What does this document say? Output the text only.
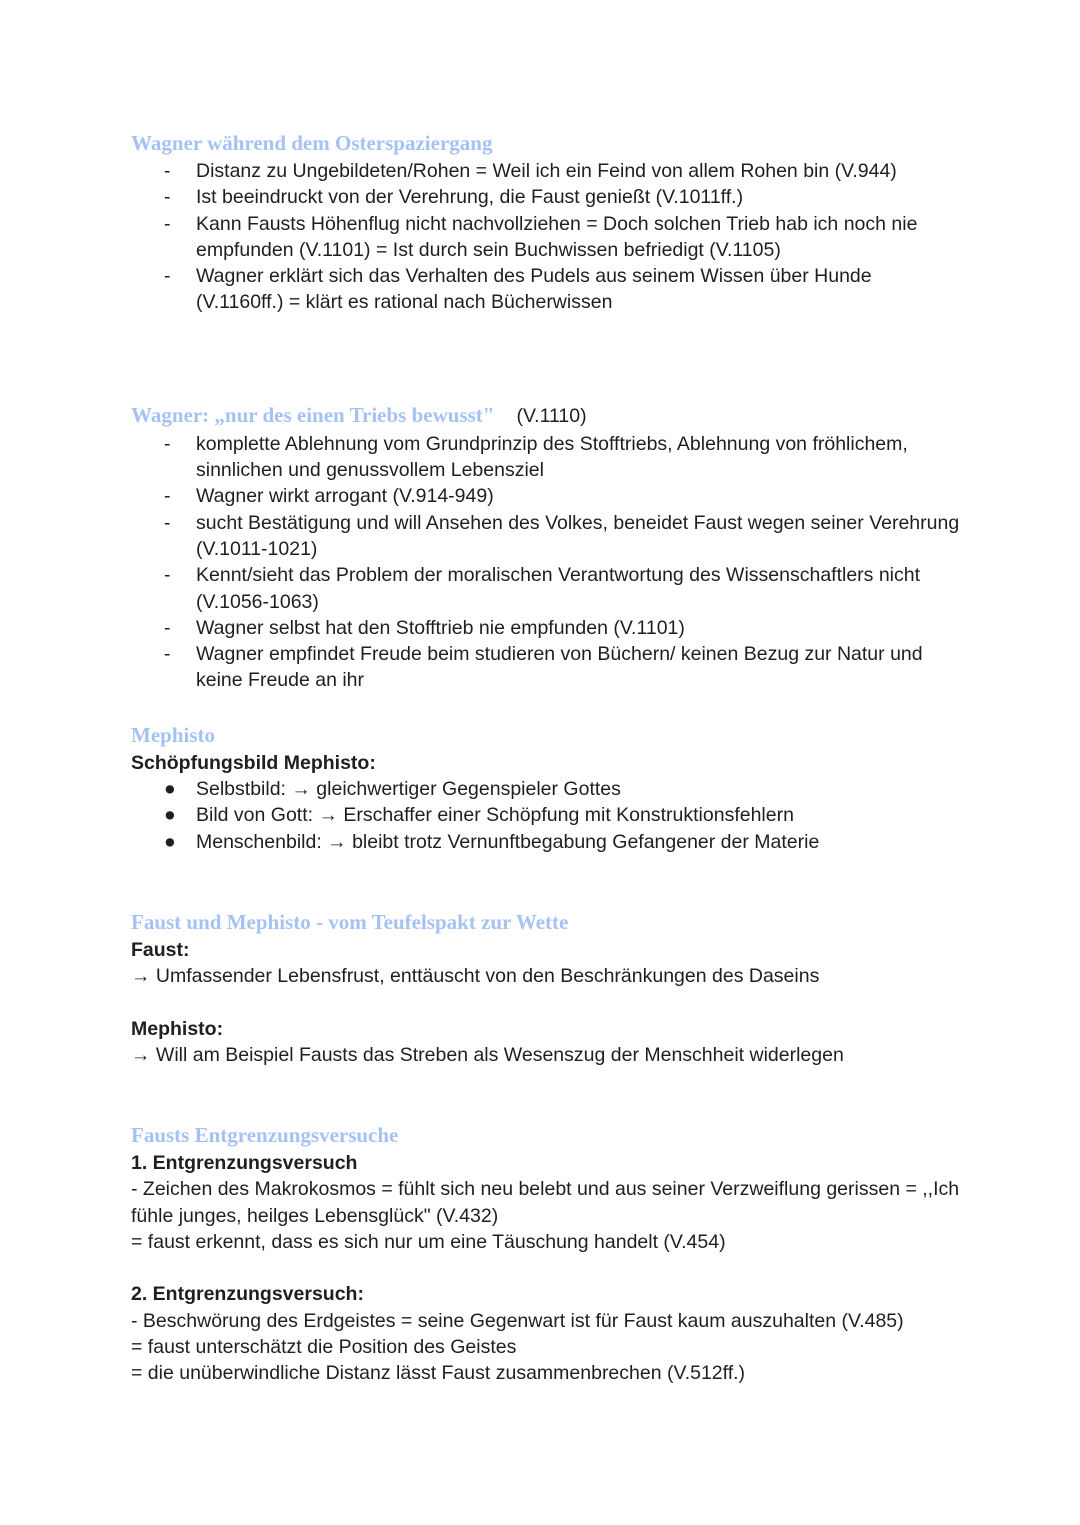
Wagner während dem Osterspaziergang
- Distanz zu Ungebildeten/Rohen = Weil ich ein Feind von allem Rohen bin (V.944)
- Ist beeindruckt von der Verehrung, die Faust genießt (V.1011ff.)
- Kann Fausts Höhenflug nicht nachvollziehen = Doch solchen Trieb hab ich noch nie empfunden (V.1101) = Ist durch sein Buchwissen befriedigt (V.1105)
- Wagner erklärt sich das Verhalten des Pudels aus seinem Wissen über Hunde (V.1160ff.) = klärt es rational nach Bücherwissen
Wagner: „nur des einen Triebs bewusst" (V.1110)
- komplette Ablehnung vom Grundprinzip des Stofftriebs, Ablehnung von fröhlichem, sinnlichen und genussvollem Lebensziel
- Wagner wirkt arrogant (V.914-949)
- sucht Bestätigung und will Ansehen des Volkes, beneidet Faust wegen seiner Verehrung (V.1011-1021)
- Kennt/sieht das Problem der moralischen Verantwortung des Wissenschaftlers nicht (V.1056-1063)
- Wagner selbst hat den Stofftrieb nie empfunden (V.1101)
- Wagner empfindet Freude beim studieren von Büchern/ keinen Bezug zur Natur und keine Freude an ihr
Mephisto

Schöpfungsbild Mephisto:

● Selbstbild: → gleichwertiger Gegenspieler Gottes
● Bild von Gott: → Erschaffer einer Schöpfung mit Konstruktionsfehlern
● Menschenbild: → bleibt trotz Vernunftbegabung Gefangener der Materie
Faust und Mephisto - vom Teufelspakt zur Wette

Faust:

→ Umfassender Lebensfrust, enttäuscht von den Beschränkungen des Daseins

Mephisto:

→ Will am Beispiel Fausts das Streben als Wesenszug der Menschheit widerlegen

Fausts Entgrenzungsversuche

1. Entgrenzungsversuch

- Zeichen des Makrokosmos = fühlt sich neu belebt und aus seiner Verzweiflung gerissen = ,,Ich fühle junges, heilges Lebensglück" (V.432)

= faust erkennt, dass es sich nur um eine Täuschung handelt (V.454)

2. Entgrenzungsversuch:

- Beschwörung des Erdgeistes = seine Gegenwart ist für Faust kaum auszuhalten (V.485)

= faust unterschätzt die Position des Geistes

= die unüberwindliche Distanz lässt Faust zusammenbrechen (V.512ff.)
